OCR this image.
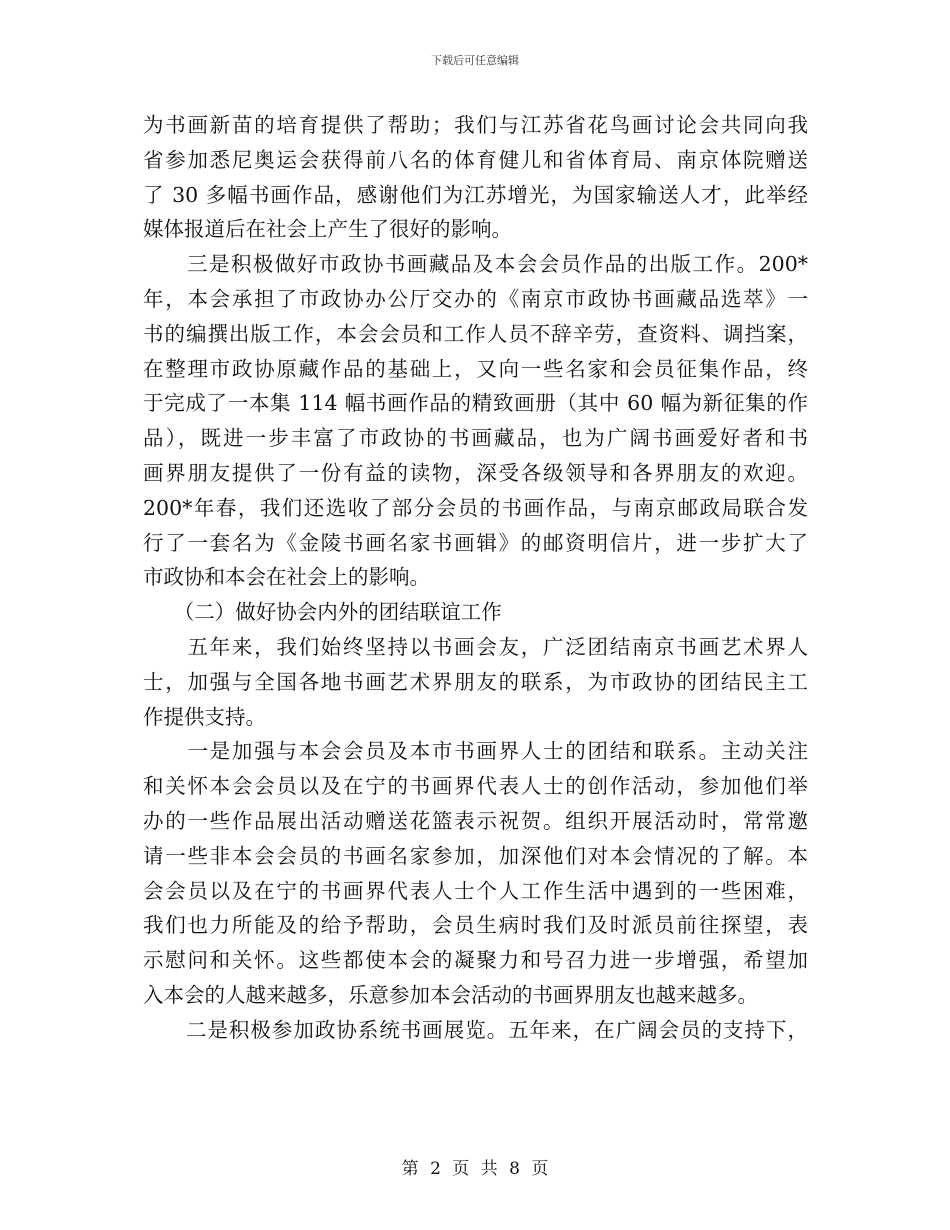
下载后可任意编辑

为书画新苗的培育提供了帮助；我们与江苏省花鸟画讨论会共同向我
省参加悉尼奥运会获得前八名的体育健儿和省体育局、南京体院赠送
了 30 多幅书画作品，感谢他们为江苏增光，为国家输送人才，此举经
媒体报道后在社会上产生了很好的影响。

　　三是积极做好市政协书画藏品及本会会员作品的出版工作。200*
年，本会承担了市政协办公厅交办的《南京市政协书画藏品选萃》一
书的编撰出版工作，本会会员和工作人员不辞辛劳，查资料、调挡案，
在整理市政协原藏作品的基础上，又向一些名家和会员征集作品，终
于完成了一本集 114 幅书画作品的精致画册（其中 60 幅为新征集的作
品），既进一步丰富了市政协的书画藏品，也为广阔书画爱好者和书
画界朋友提供了一份有益的读物，深受各级领导和各界朋友的欢迎。
200*年春，我们还选收了部分会员的书画作品，与南京邮政局联合发
行了一套名为《金陵书画名家书画辑》的邮资明信片，进一步扩大了
市政协和本会在社会上的影响。

　　（二）做好协会内外的团结联谊工作

　　五年来，我们始终坚持以书画会友，广泛团结南京书画艺术界人
士，加强与全国各地书画艺术界朋友的联系，为市政协的团结民主工
作提供支持。

　　一是加强与本会会员及本市书画界人士的团结和联系。主动关注
和关怀本会会员以及在宁的书画界代表人士的创作活动，参加他们举
办的一些作品展出活动赠送花篮表示祝贺。组织开展活动时，常常邀
请一些非本会会员的书画名家参加，加深他们对本会情况的了解。本
会会员以及在宁的书画界代表人士个人工作生活中遇到的一些困难，
我们也力所能及的给予帮助，会员生病时我们及时派员前往探望，表
示慰问和关怀。这些都使本会的凝聚力和号召力进一步增强，希望加
入本会的人越来越多，乐意参加本会活动的书画界朋友也越来越多。

　　二是积极参加政协系统书画展览。五年来，在广阔会员的支持下，

第 2 页 共 8 页
